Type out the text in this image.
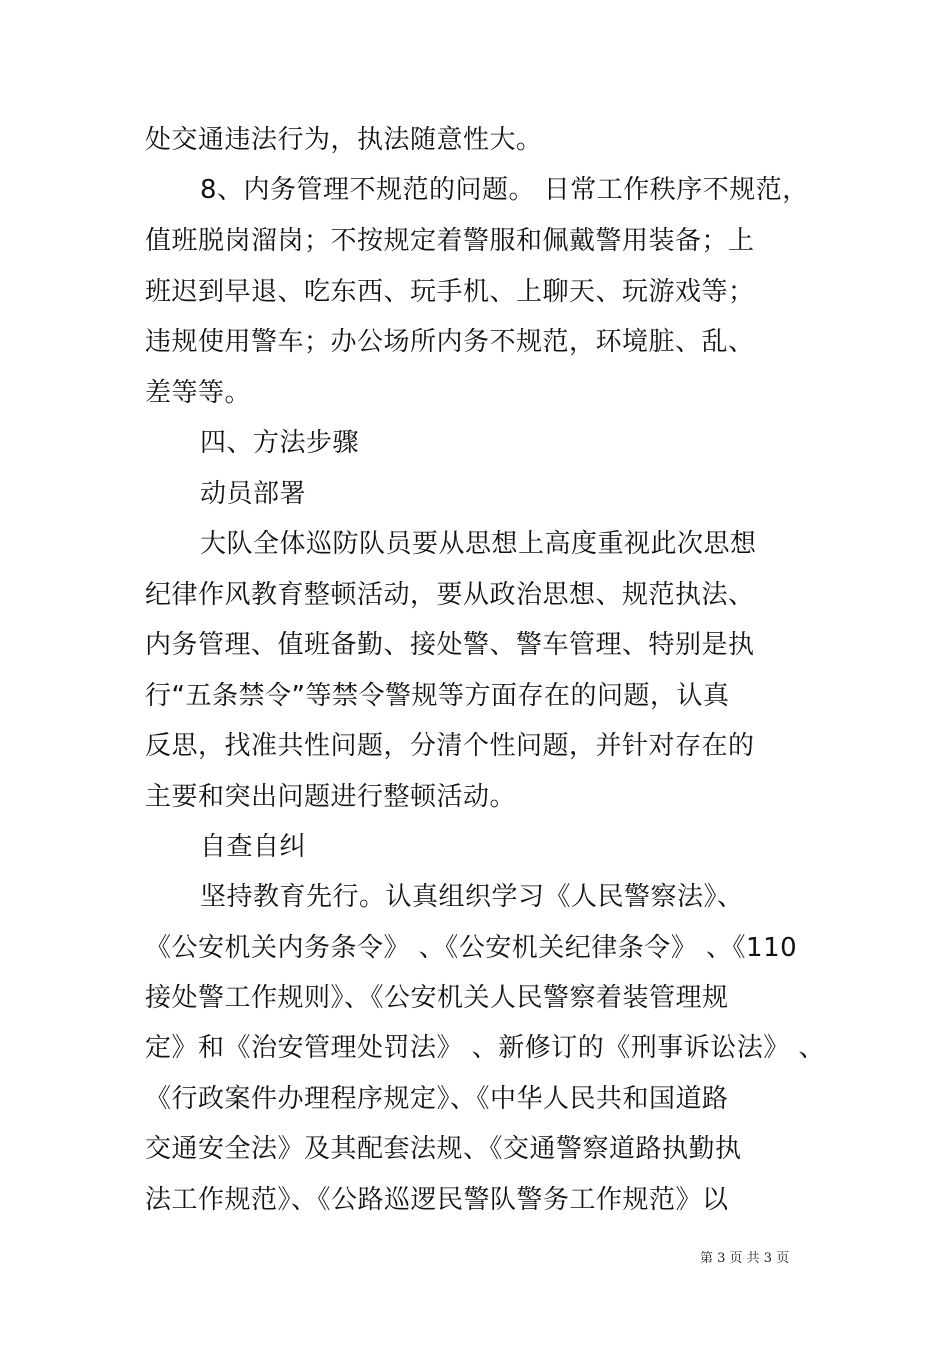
处交通违法行为，执法随意性大。
8、内务管理不规范的问题。 日常工作秩序不规范，
值班脱岗溜岗；不按规定着警服和佩戴警用装备；上
班迟到早退、吃东西、玩手机、上聊天、玩游戏等；
违规使用警车；办公场所内务不规范，环境脏、乱、
差等等。
四、方法步骤
动员部署
大队全体巡防队员要从思想上高度重视此次思想
纪律作风教育整顿活动，要从政治思想、规范执法、
内务管理、值班备勤、接处警、警车管理、特别是执
行“五条禁令”等禁令警规等方面存在的问题，认真
反思，找准共性问题，分清个性问题，并针对存在的
主要和突出问题进行整顿活动。
自查自纠
坚持教育先行。认真组织学习《人民警察法》、
《公安机关内务条令》 、《公安机关纪律条令》 、《110
接处警工作规则》、《公安机关人民警察着装管理规
定》和《治安管理处罚法》 、新修订的《刑事诉讼法》 、
《行政案件办理程序规定》、《中华人民共和国道路
交通安全法》及其配套法规、《交通警察道路执勤执
法工作规范》、《公路巡逻民警队警务工作规范》以
第 3 页 共 3 页
